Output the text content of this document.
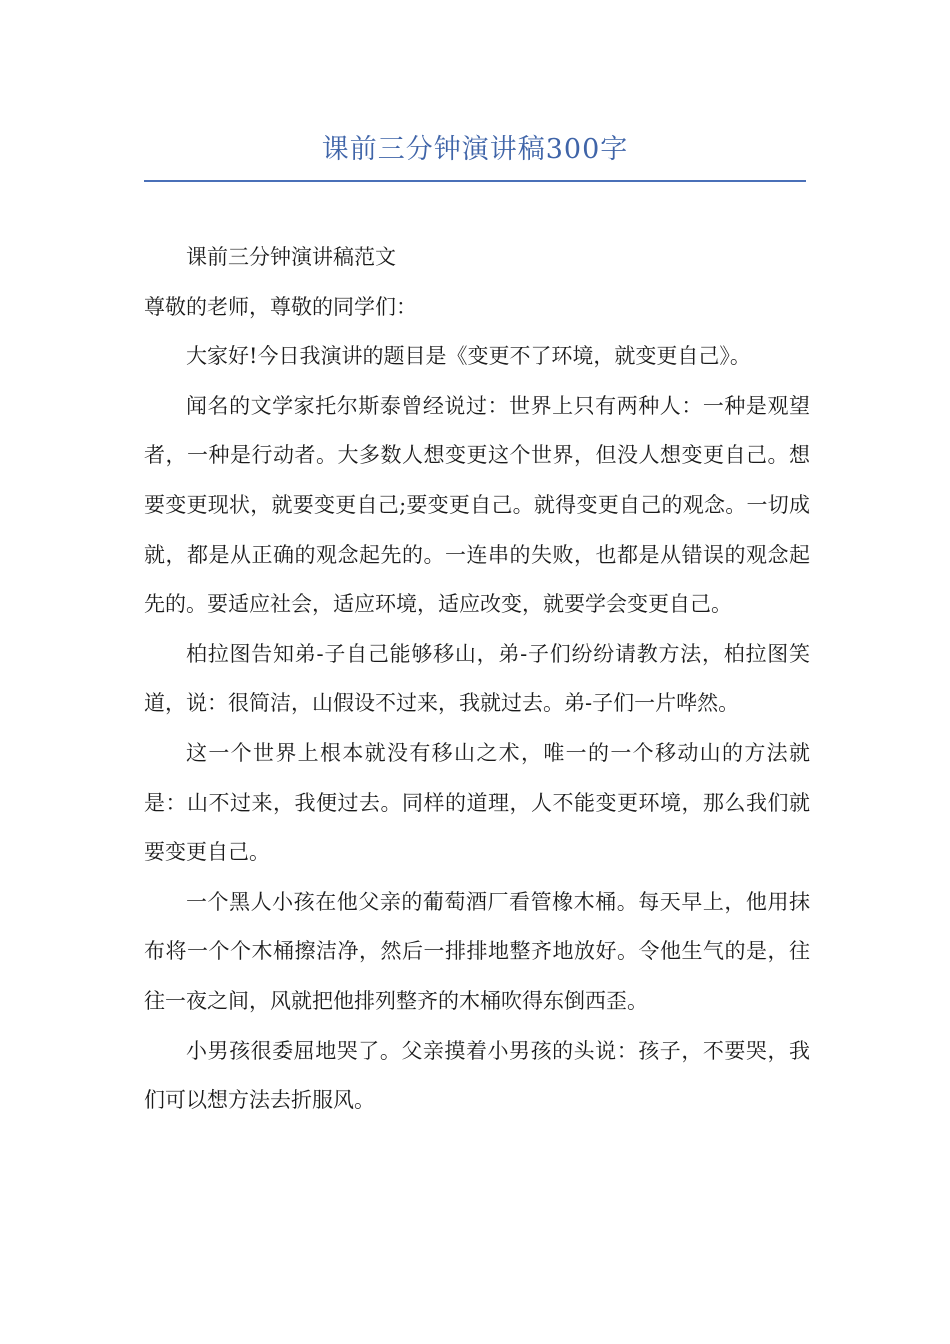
课前三分钟演讲稿300字

课前三分钟演讲稿范文

尊敬的老师，尊敬的同学们：

大家好!今日我演讲的题目是《变更不了环境，就变更自己》。

闻名的文学家托尔斯泰曾经说过：世界上只有两种人：一种是观望者，一种是行动者。大多数人想变更这个世界，但没人想变更自己。想要变更现状，就要变更自己;要变更自己。就得变更自己的观念。一切成就，都是从正确的观念起先的。一连串的失败，也都是从错误的观念起先的。要适应社会，适应环境，适应改变，就要学会变更自己。

柏拉图告知弟-子自己能够移山，弟-子们纷纷请教方法，柏拉图笑道，说：很简洁，山假设不过来，我就过去。弟-子们一片哗然。

这一个世界上根本就没有移山之术，唯一的一个移动山的方法就是：山不过来，我便过去。同样的道理，人不能变更环境，那么我们就要变更自己。

一个黑人小孩在他父亲的葡萄酒厂看管橡木桶。每天早上，他用抹布将一个个木桶擦洁净，然后一排排地整齐地放好。令他生气的是，往往一夜之间，风就把他排列整齐的木桶吹得东倒西歪。

小男孩很委屈地哭了。父亲摸着小男孩的头说：孩子，不要哭，我们可以想方法去折服风。
